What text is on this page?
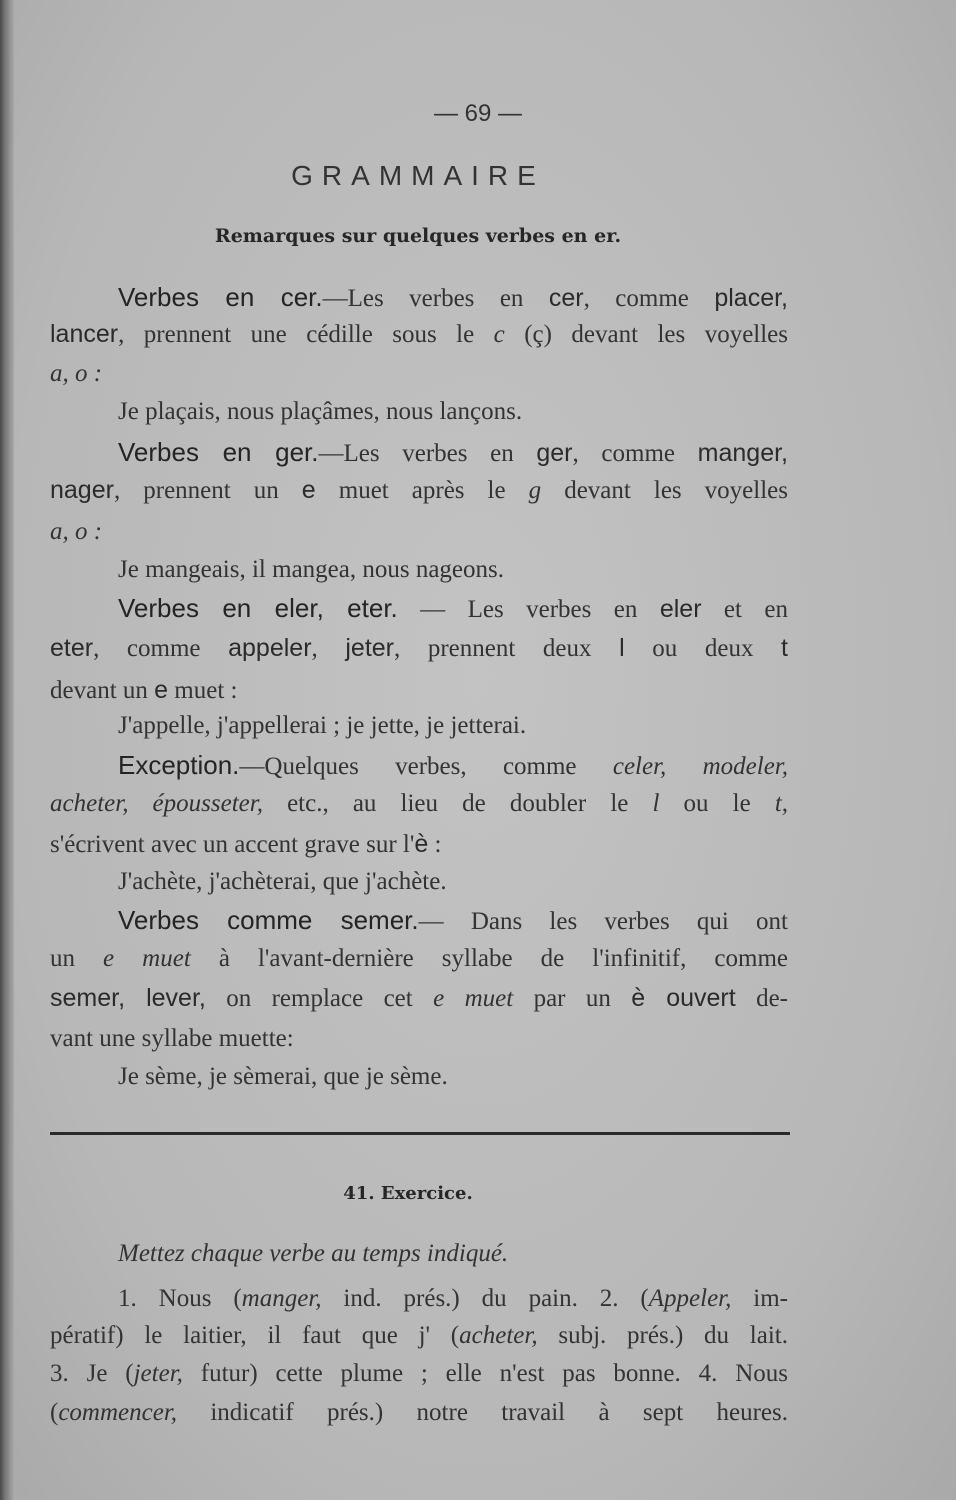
— 69 —
GRAMMAIRE
Remarques sur quelques verbes en er.
Verbes en cer.—Les verbes en cer, comme placer,
lancer, prennent une cédille sous le c (ç) devant les voyelles
a, o :
Je plaçais, nous plaçâmes, nous lançons.
Verbes en ger.—Les verbes en ger, comme manger,
nager, prennent un e muet après le g devant les voyelles
a, o :
Je mangeais, il mangea, nous nageons.
Verbes en eler, eter. — Les verbes en eler et en
eter, comme appeler, jeter, prennent deux l ou deux t
devant un e muet :
J'appelle, j'appellerai ; je jette, je jetterai.
Exception.—Quelques verbes, comme celer, modeler,
acheter, épousseter, etc., au lieu de doubler le l ou le t,
s'écrivent avec un accent grave sur l'è :
J'achète, j'achèterai, que j'achète.
Verbes comme semer.— Dans les verbes qui ont
un e muet à l'avant-dernière syllabe de l'infinitif, comme
semer, lever, on remplace cet e muet par un è ouvert de-
vant une syllabe muette:
Je sème, je sèmerai, que je sème.
41. Exercice.
Mettez chaque verbe au temps indiqué.
1. Nous (manger, ind. prés.) du pain. 2. (Appeler, im-
pératif) le laitier, il faut que j' (acheter, subj. prés.) du lait.
3. Je (jeter, futur) cette plume ; elle n'est pas bonne. 4. Nous
(commencer, indicatif prés.) notre travail à sept heures.
